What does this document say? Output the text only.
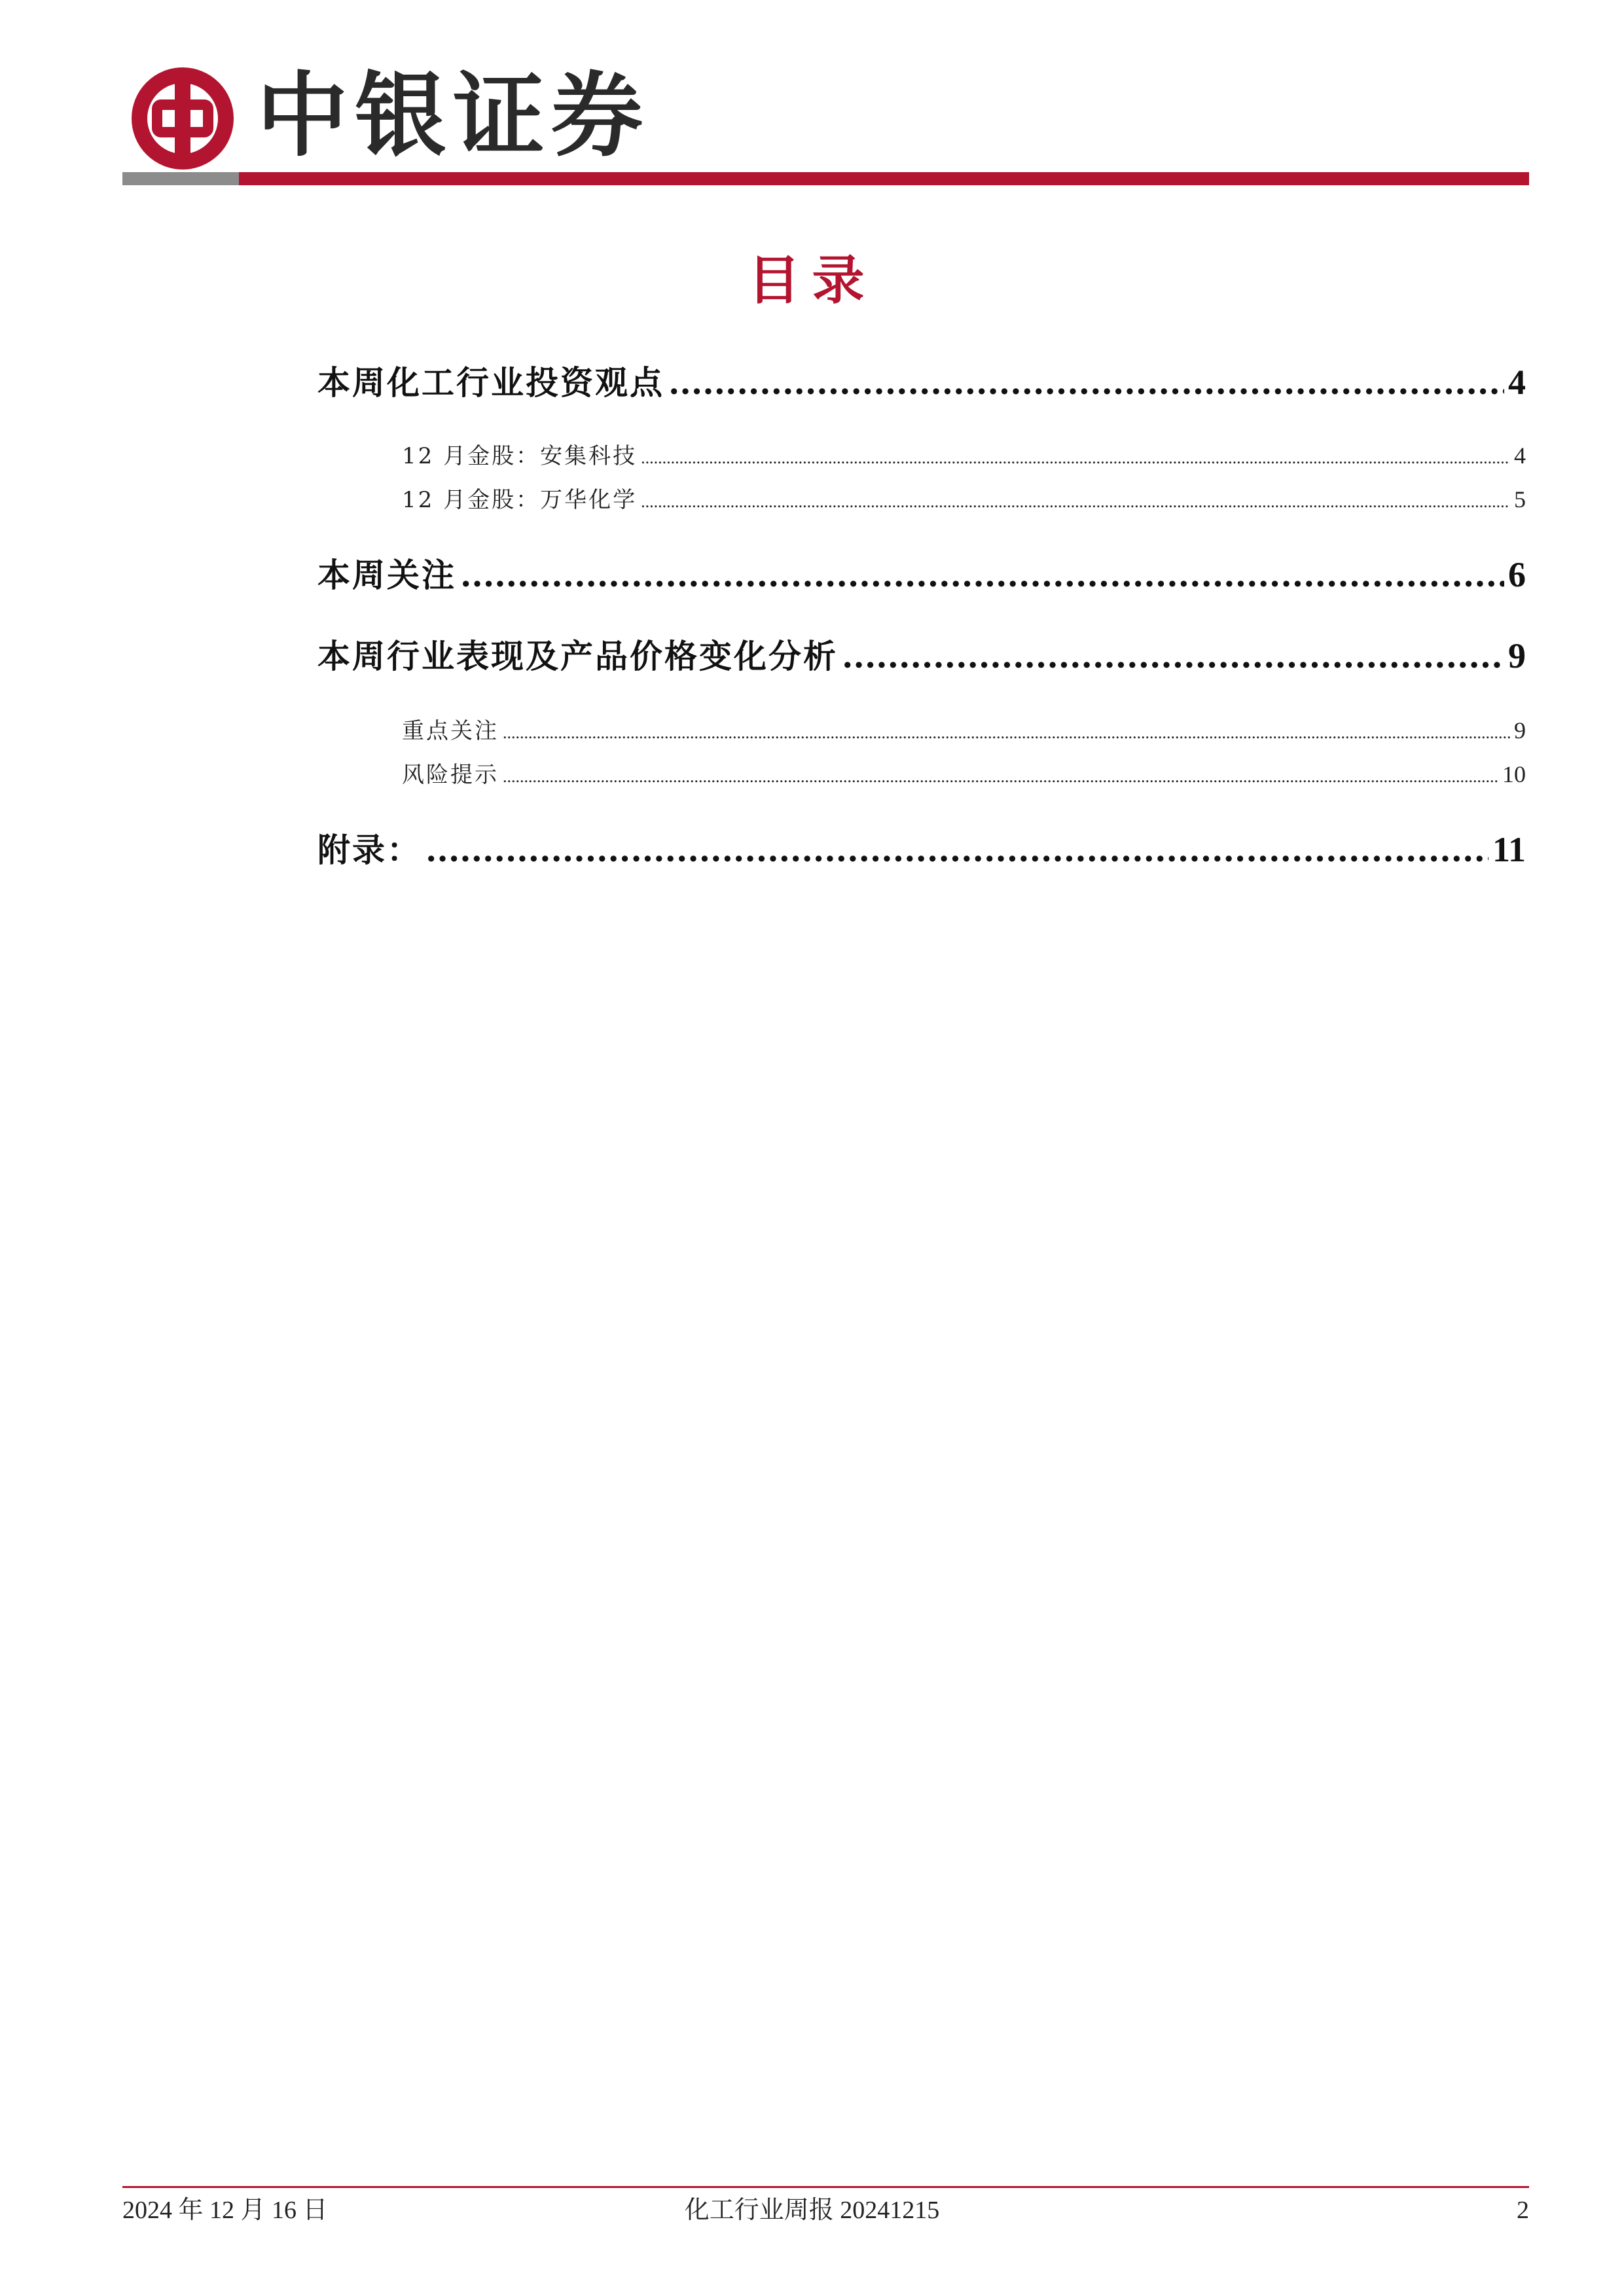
中银证券
目录
本周化工行业投资观点 .....	4
12 月金股：安集科技 .....	4
12 月金股：万华化学 .....	5
本周关注 .....	6
本周行业表现及产品价格变化分析 .....	9
重点关注 .....	9
风险提示 .....	10
附录： .....	11
2024 年 12 月 16 日	化工行业周报 20241215	2
